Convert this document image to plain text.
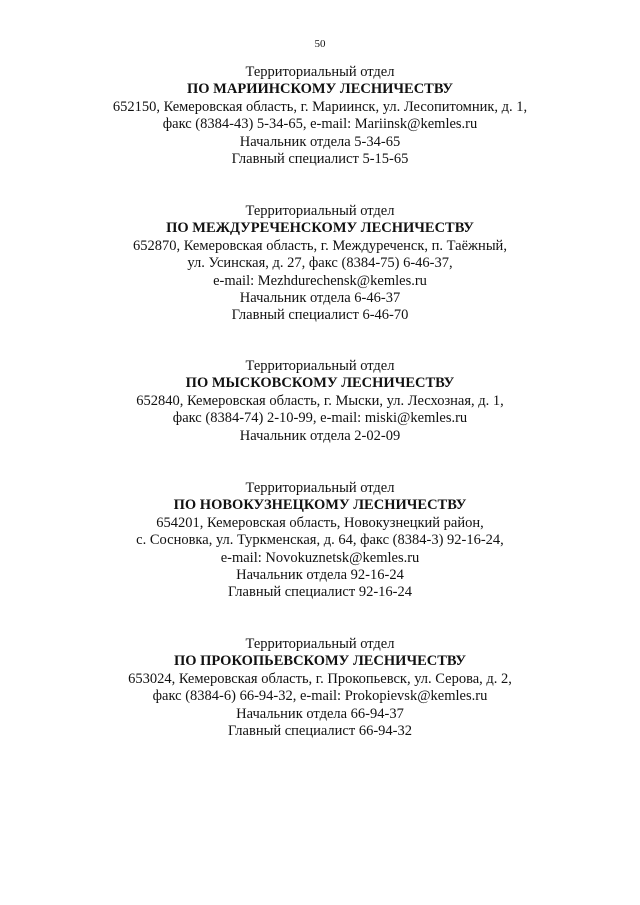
50
Территориальный отдел
ПО МАРИИНСКОМУ ЛЕСНИЧЕСТВУ
652150, Кемеровская область, г. Мариинск, ул. Лесопитомник, д. 1,
факс (8384-43) 5-34-65, e-mail: Mariinsk@kemles.ru
Начальник отдела 5-34-65
Главный специалист 5-15-65
Территориальный отдел
ПО МЕЖДУРЕЧЕНСКОМУ ЛЕСНИЧЕСТВУ
652870, Кемеровская область, г. Междуреченск, п. Таёжный,
ул. Усинская, д. 27, факс (8384-75) 6-46-37,
e-mail: Mezhdurechensk@kemles.ru
Начальник отдела 6-46-37
Главный специалист 6-46-70
Территориальный отдел
ПО МЫСКОВСКОМУ ЛЕСНИЧЕСТВУ
652840, Кемеровская область, г. Мыски, ул. Лесхозная, д. 1,
факс (8384-74) 2-10-99, e-mail: miski@kemles.ru
Начальник отдела 2-02-09
Территориальный отдел
ПО НОВОКУЗНЕЦКОМУ ЛЕСНИЧЕСТВУ
654201, Кемеровская область, Новокузнецкий район,
с. Сосновка, ул. Туркменская, д. 64, факс (8384-3) 92-16-24,
e-mail: Novokuznetsk@kemles.ru
Начальник отдела 92-16-24
Главный специалист 92-16-24
Территориальный отдел
ПО ПРОКОПЬЕВСКОМУ ЛЕСНИЧЕСТВУ
653024, Кемеровская область, г. Прокопьевск, ул. Серова, д. 2,
факс (8384-6) 66-94-32, e-mail: Prokopievsk@kemles.ru
Начальник отдела 66-94-37
Главный специалист 66-94-32
